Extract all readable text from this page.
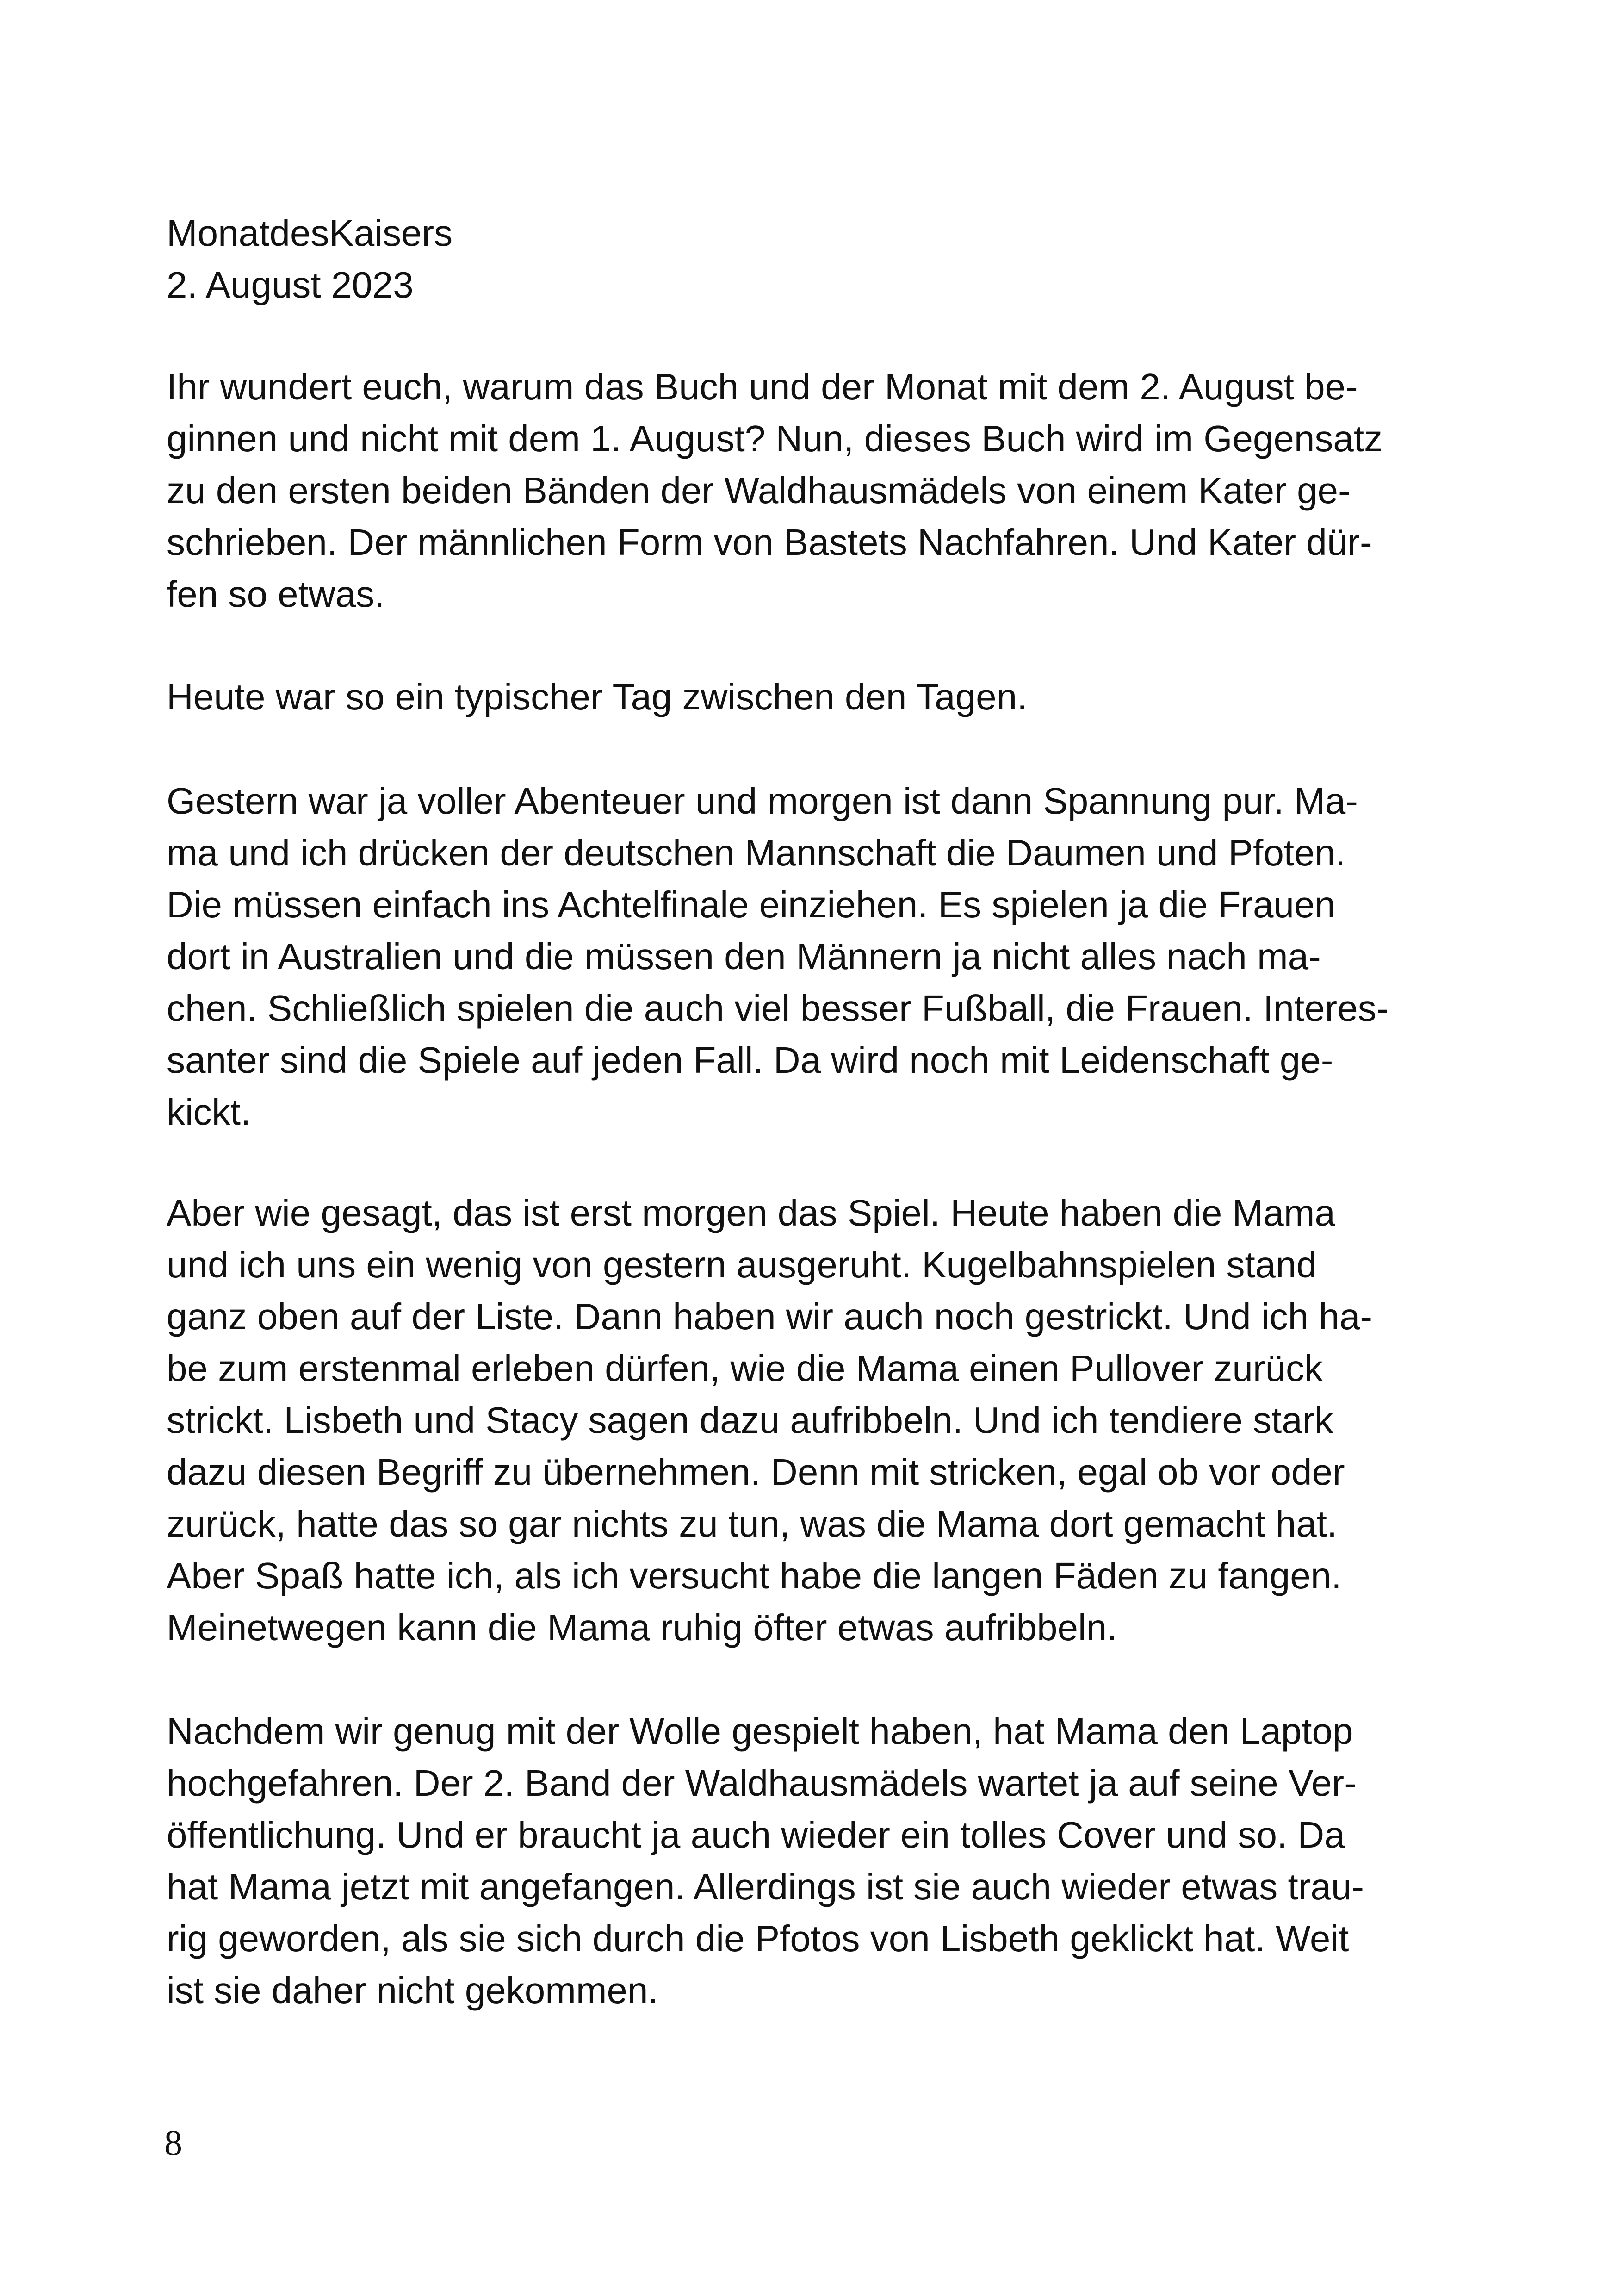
MonatdesKaisers
2. August 2023
Ihr wundert euch, warum das Buch und der Monat mit dem 2. August be-
ginnen und nicht mit dem 1. August? Nun, dieses Buch wird im Gegensatz
zu den ersten beiden Bänden der Waldhausmädels von einem Kater ge-
schrieben. Der männlichen Form von Bastets Nachfahren. Und Kater dür-
fen so etwas.
Heute war so ein typischer Tag zwischen den Tagen.
Gestern war ja voller Abenteuer und morgen ist dann Spannung pur. Ma-
ma und ich drücken der deutschen Mannschaft die Daumen und Pfoten.
Die müssen einfach ins Achtelfinale einziehen. Es spielen ja die Frauen
dort in Australien und die müssen den Männern ja nicht alles nach ma-
chen. Schließlich spielen die auch viel besser Fußball, die Frauen. Interes-
santer sind die Spiele auf jeden Fall. Da wird noch mit Leidenschaft ge-
kickt.
Aber wie gesagt, das ist erst morgen das Spiel. Heute haben die Mama
und ich uns ein wenig von gestern ausgeruht. Kugelbahnspielen stand
ganz oben auf der Liste. Dann haben wir auch noch gestrickt. Und ich ha-
be zum erstenmal erleben dürfen, wie die Mama einen Pullover zurück
strickt. Lisbeth und Stacy sagen dazu aufribbeln. Und ich tendiere stark
dazu diesen Begriff zu übernehmen. Denn mit stricken, egal ob vor oder
zurück, hatte das so gar nichts zu tun, was die Mama dort gemacht hat.
Aber Spaß hatte ich, als ich versucht habe die langen Fäden zu fangen.
Meinetwegen kann die Mama ruhig öfter etwas aufribbeln.
Nachdem wir genug mit der Wolle gespielt haben, hat Mama den Laptop
hochgefahren. Der 2. Band der Waldhausmädels wartet ja auf seine Ver-
öffentlichung. Und er braucht ja auch wieder ein tolles Cover und so. Da
hat Mama jetzt mit angefangen. Allerdings ist sie auch wieder etwas trau-
rig geworden, als sie sich durch die Pfotos von Lisbeth geklickt hat. Weit
ist sie daher nicht gekommen.
8
